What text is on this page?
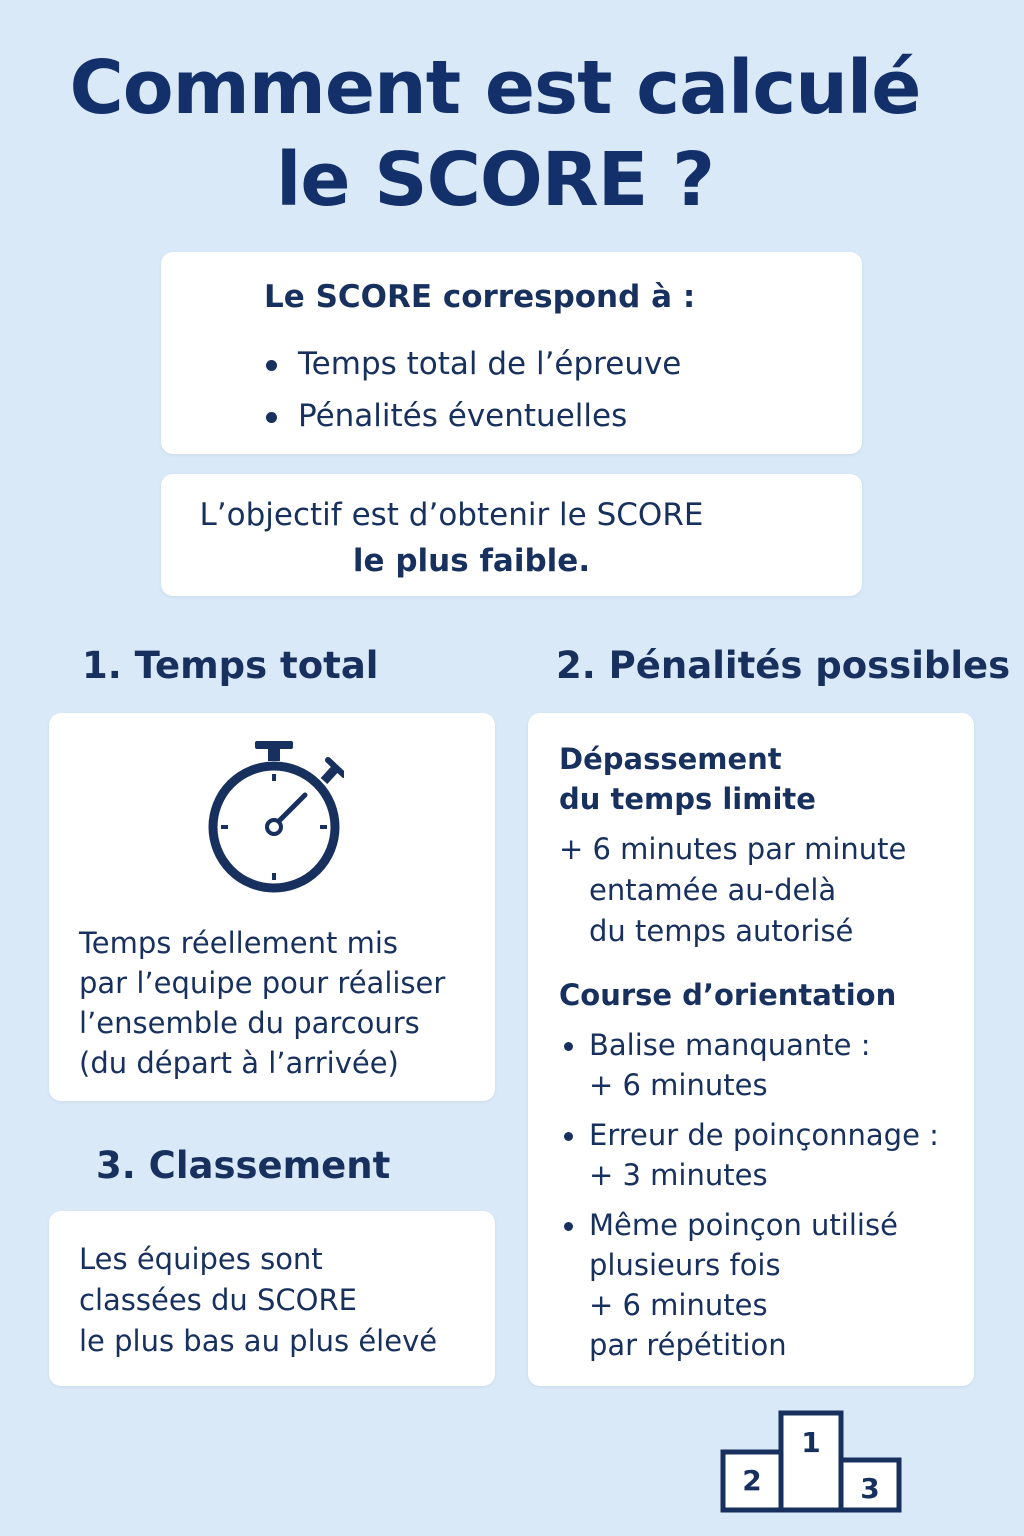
Comment est calculé
le SCORE ?
Le SCORE correspond à :
Temps total de l’épreuve
Pénalités éventuelles
L’objectif est d’obtenir le SCORE
le plus faible.
1. Temps total	2. Pénalités possibles
Temps réellement mis
par l’equipe pour réaliser
l’ensemble du parcours
(du départ à l’arrivée)
3. Classement
Les équipes sont
classées du SCORE
le plus bas au plus élevé
Dépassement
du temps limite
+ 6 minutes par minute
entamée au-delà
du temps autorisé
Course d’orientation
Balise manquante :
+ 6 minutes
Erreur de poinçonnage :
+ 3 minutes
Même poinçon utilisé
plusieurs fois
+ 6 minutes
par répétition
1
2	3
